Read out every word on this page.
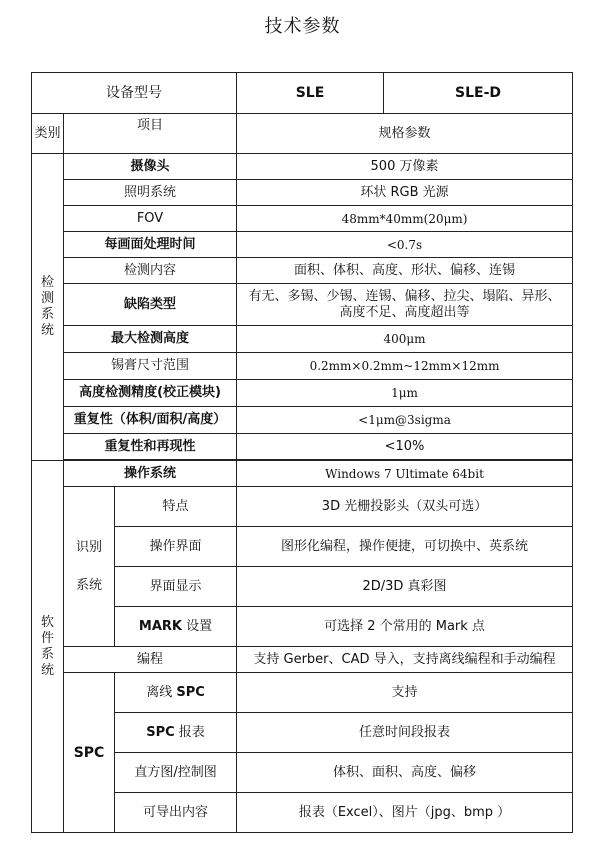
技术参数
设备型号			SLE	SLE-D
类别	项目		规格参数	

检
测
系
统	摄像头		500 万像素	
	照明系统		环状 RGB 光源	
	FOV		48mm*40mm(20μm)	
	每画面处理时间		<0.7s	
	检测内容		面积、体积、高度、形状、偏移、连锡	
	缺陷类型		有无、多锡、少锡、连锡、偏移、拉尖、塌陷、异形、
高度不足、高度超出等	

	最大检测高度		400μm	
	锡膏尺寸范围		0.2mm×0.2mm~12mm×12mm	
	高度检测精度(校正模块)		1μm	
	重复性（体积/面积/高度）		<1μm@3sigma	
	重复性和再现性		<10%	

软
件
系
统	操作系统		Windows 7 Ultimate 64bit	

	识别
系统	特点	3D 光栅投影头（双头可选）	
		操作界面	图形化编程，操作便捷，可切换中、英系统	
		界面显示	2D/3D 真彩图	
		MARK 设置	可选择 2 个常用的 Mark 点	
	编程		支持 Gerber、CAD 导入，支持离线编程和手动编程	
	SPC	离线 SPC	支持	
		SPC 报表	任意时间段报表	
		直方图/控制图	体积、面积、高度、偏移	
		可导出内容	报表（Excel）、图片（jpg、bmp ）	
